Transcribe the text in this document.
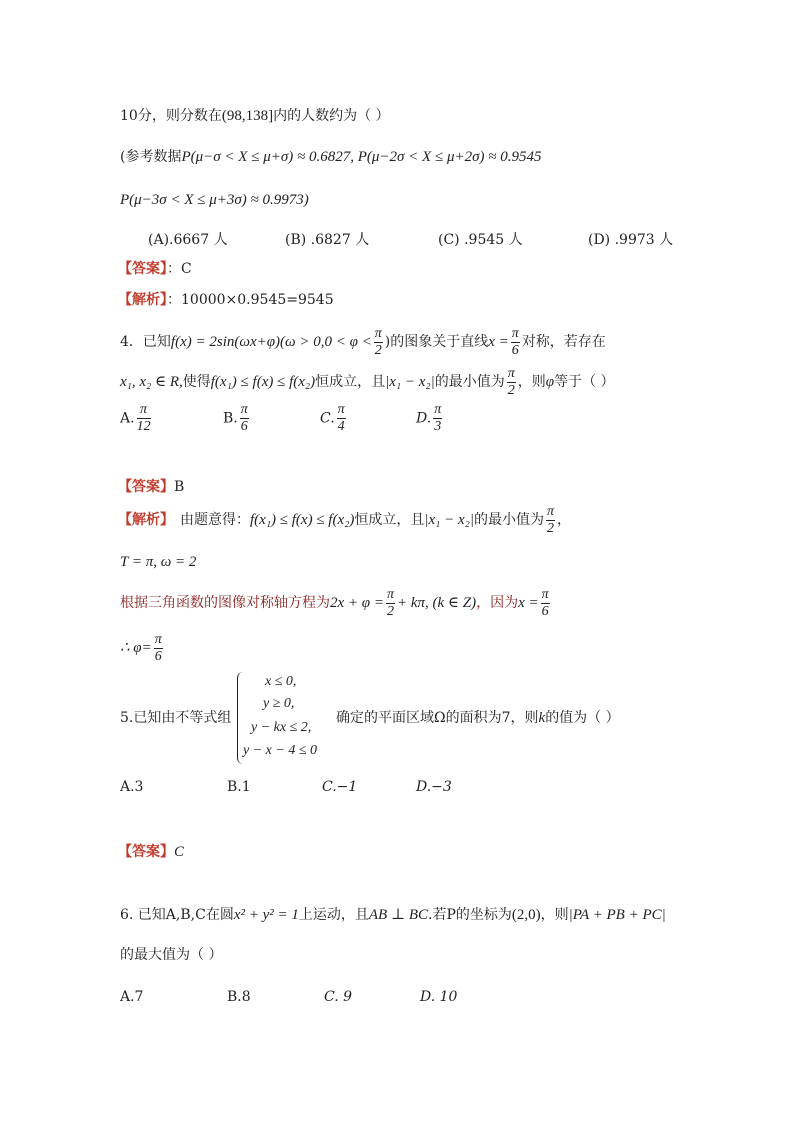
10分，则分数在(98,138]内的人数约为（ ）
(参考数据P(μ−σ < X ≤ μ+σ) ≈ 0.6827, P(μ−2σ < X ≤ μ+2σ) ≈ 0.9545
P(μ−3σ < X ≤ μ+3σ) ≈ 0.9973)
(A).6667 人	(B) .6827 人	(C) .9545 人	(D) .9973 人
【答案】：C
【解析】：10000×0.9545=9545
4．已知$f(x) = 2\sin(\omega x+\varphi)(\omega > 0,0 < \varphi < \frac{\pi}{2}$ )的图象关于直线$x = \frac{\pi}{6}$ 对称，若存在
x₁, x₂ ∈ R,使得f(x₁) ≤ f(x) ≤ f(x₂)恒成立，且|x₁ − x₂|的最小值为 $\frac{\pi}{2}$ ，则φ等于（ ）
A. $\frac{\pi}{12}$	B. $\frac{\pi}{6}$	C. $\frac{\pi}{4}$	D. $\frac{\pi}{3}$
【答案】B
【解析】 由题意得：f(x₁) ≤ f(x) ≤ f(x₂)恒成立，且|x₁ − x₂|的最小值为 $\frac{\pi}{2}$ ，
T = π, ω = 2
根据三角函数的图像对称轴方程为$2x + \varphi = \frac{\pi}{2} + k\pi$, (k ∈ Z)，因为$x = \frac{\pi}{6}$
∴ $\varphi= \frac{\pi}{6}$
5.已知由不等式组
x ≤ 0,
y ≥ 0,
y − kx ≤ 2,
y − x − 4 ≤ 0
确定的平面区域Ω的面积为7，则k的值为（ ）
A.3	B.1	C.−1	D.−3
【答案】C
6. 已知A,B,C在圆x² + y² = 1上运动，且AB ⊥ BC.若P的坐标为(2,0)，则|PA + PB + PC|
的最大值为（ ）
A.7	B.8	C. 9	D. 10
